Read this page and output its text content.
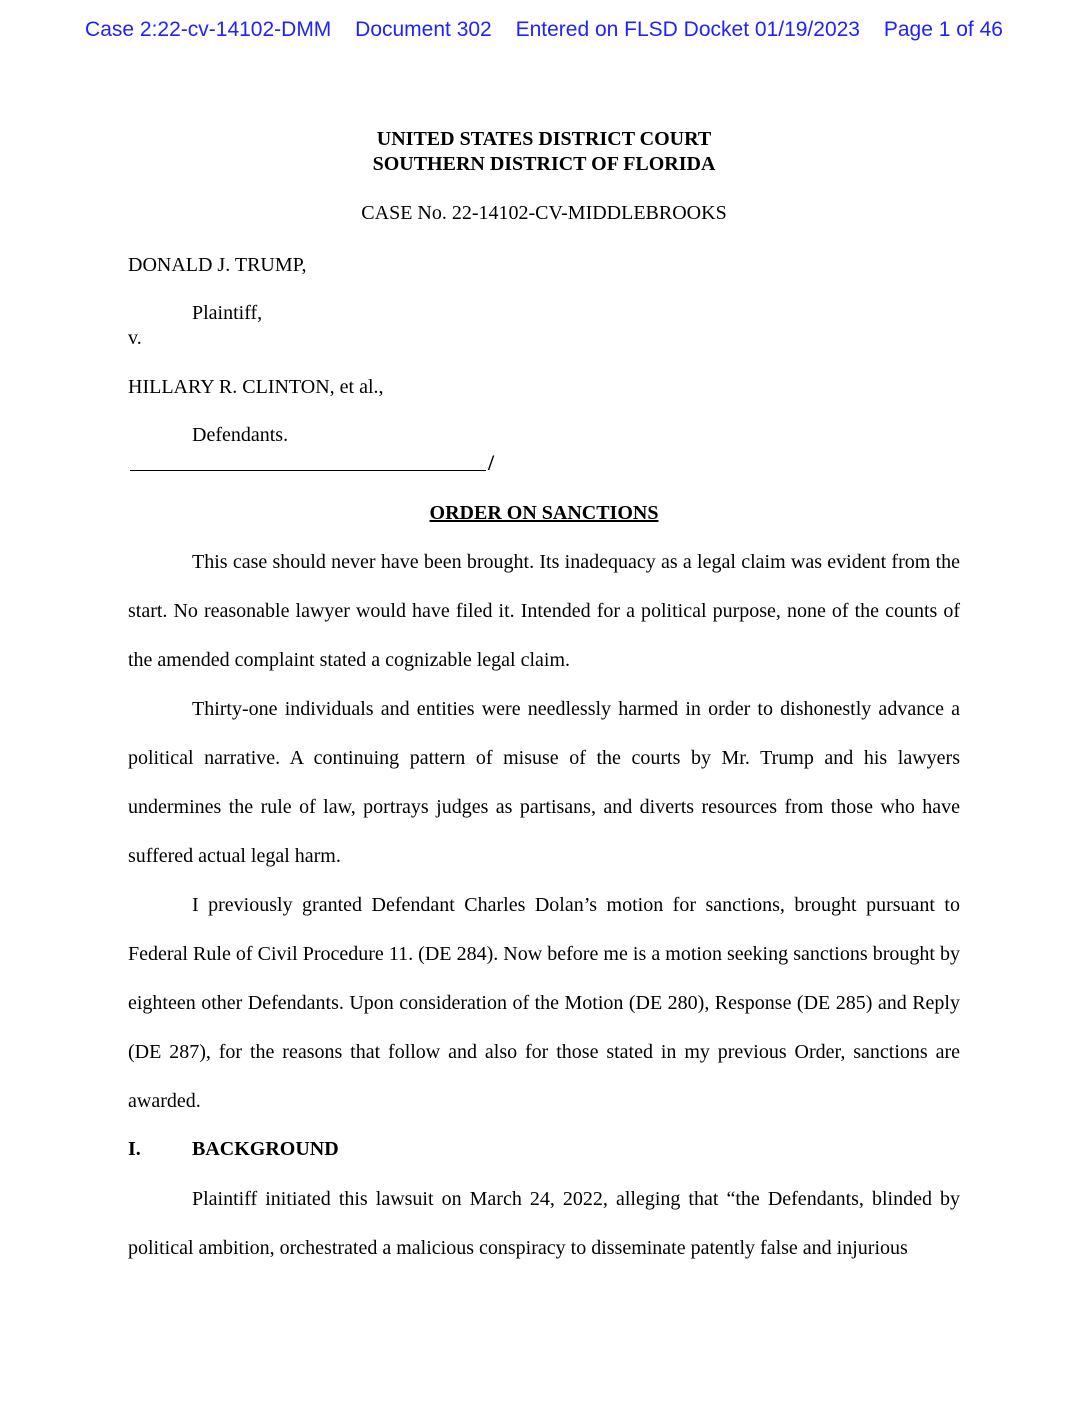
Case 2:22-cv-14102-DMM Document 302 Entered on FLSD Docket 01/19/2023 Page 1 of 46
UNITED STATES DISTRICT COURT
SOUTHERN DISTRICT OF FLORIDA
CASE No. 22-14102-CV-MIDDLEBROOKS
DONALD J. TRUMP,
Plaintiff,
v.
HILLARY R. CLINTON, et al.,
Defendants.
/
ORDER ON SANCTIONS

This case should never have been brought. Its inadequacy as a legal claim was evident from the start. No reasonable lawyer would have filed it. Intended for a political purpose, none of the counts of the amended complaint stated a cognizable legal claim.

Thirty-one individuals and entities were needlessly harmed in order to dishonestly advance a political narrative. A continuing pattern of misuse of the courts by Mr. Trump and his lawyers undermines the rule of law, portrays judges as partisans, and diverts resources from those who have suffered actual legal harm.

I previously granted Defendant Charles Dolan’s motion for sanctions, brought pursuant to Federal Rule of Civil Procedure 11. (DE 284). Now before me is a motion seeking sanctions brought by eighteen other Defendants. Upon consideration of the Motion (DE 280), Response (DE 285) and Reply (DE 287), for the reasons that follow and also for those stated in my previous Order, sanctions are awarded.

I.	BACKGROUND

Plaintiff initiated this lawsuit on March 24, 2022, alleging that “the Defendants, blinded by political ambition, orchestrated a malicious conspiracy to disseminate patently false and injurious
